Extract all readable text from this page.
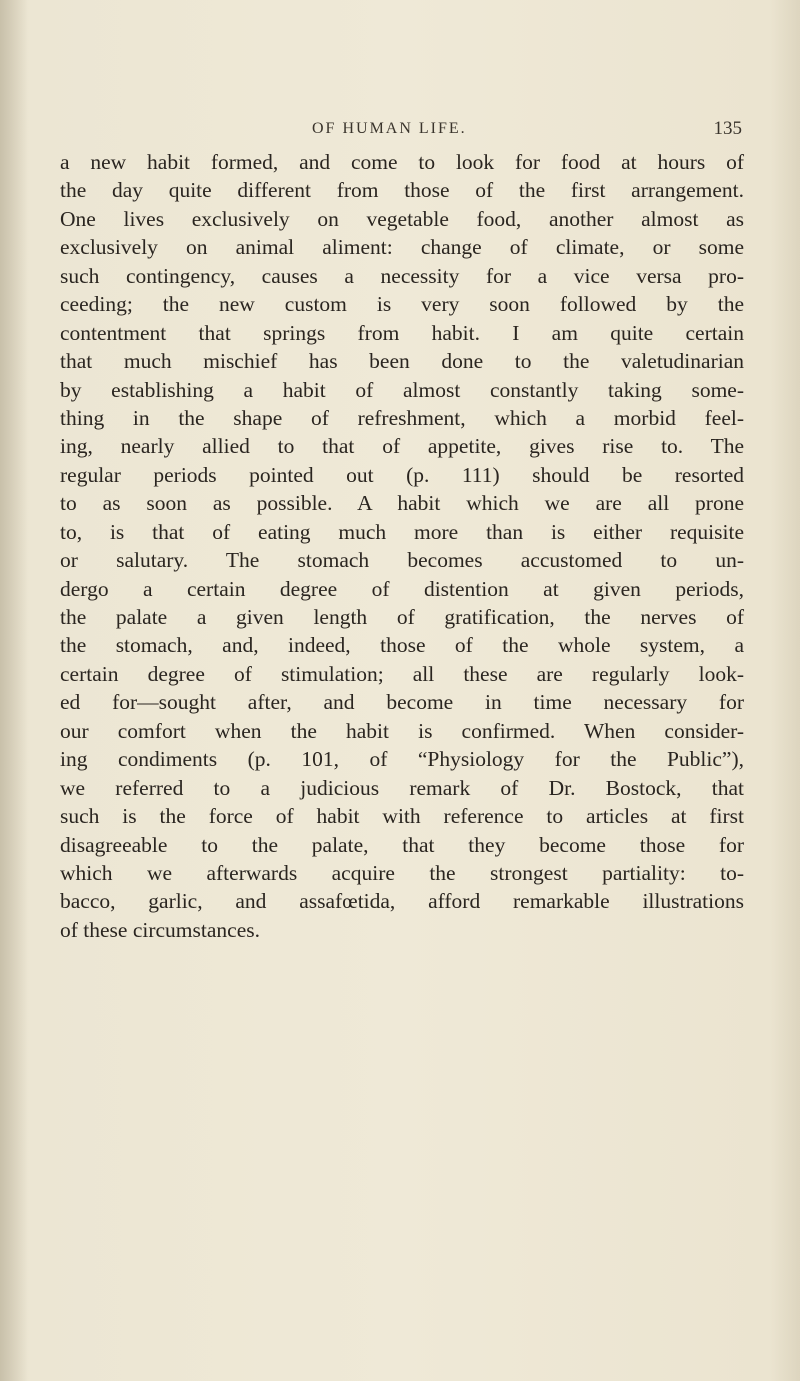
OF HUMAN LIFE.	135
a new habit formed, and come to look for food at hours of
the day quite different from those of the first arrangement.
One lives exclusively on vegetable food, another almost as
exclusively on animal aliment: change of climate, or some
such contingency, causes a necessity for a vice versa pro-
ceeding; the new custom is very soon followed by the
contentment that springs from habit. I am quite certain
that much mischief has been done to the valetudinarian
by establishing a habit of almost constantly taking some-
thing in the shape of refreshment, which a morbid feel-
ing, nearly allied to that of appetite, gives rise to. The
regular periods pointed out (p. 111) should be resorted
to as soon as possible. A habit which we are all prone
to, is that of eating much more than is either requisite
or salutary. The stomach becomes accustomed to un-
dergo a certain degree of distention at given periods,
the palate a given length of gratification, the nerves of
the stomach, and, indeed, those of the whole system, a
certain degree of stimulation; all these are regularly look-
ed for—sought after, and become in time necessary for
our comfort when the habit is confirmed. When consider-
ing condiments (p. 101, of “Physiology for the Public”),
we referred to a judicious remark of Dr. Bostock, that
such is the force of habit with reference to articles at first
disagreeable to the palate, that they become those for
which we afterwards acquire the strongest partiality: to-
bacco, garlic, and assafœtida, afford remarkable illustrations
of these circumstances.
